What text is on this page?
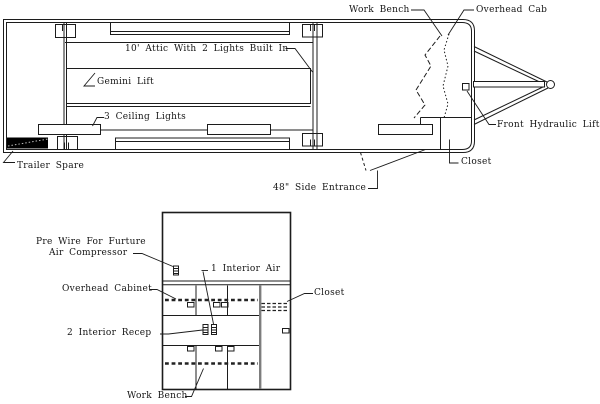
Work Bench	Overhead Cab
10' Attic With 2 Lights Built In
Gemini Lift
3 Ceiling Lights
Trailer Spare
Front Hydraulic Lift
Closet
48" Side Entrance
Pre Wire For Furture
Air Compressor
1 Interior Air
Overhead Cabinet	Closet
2 Interior Recep
Work Bench
